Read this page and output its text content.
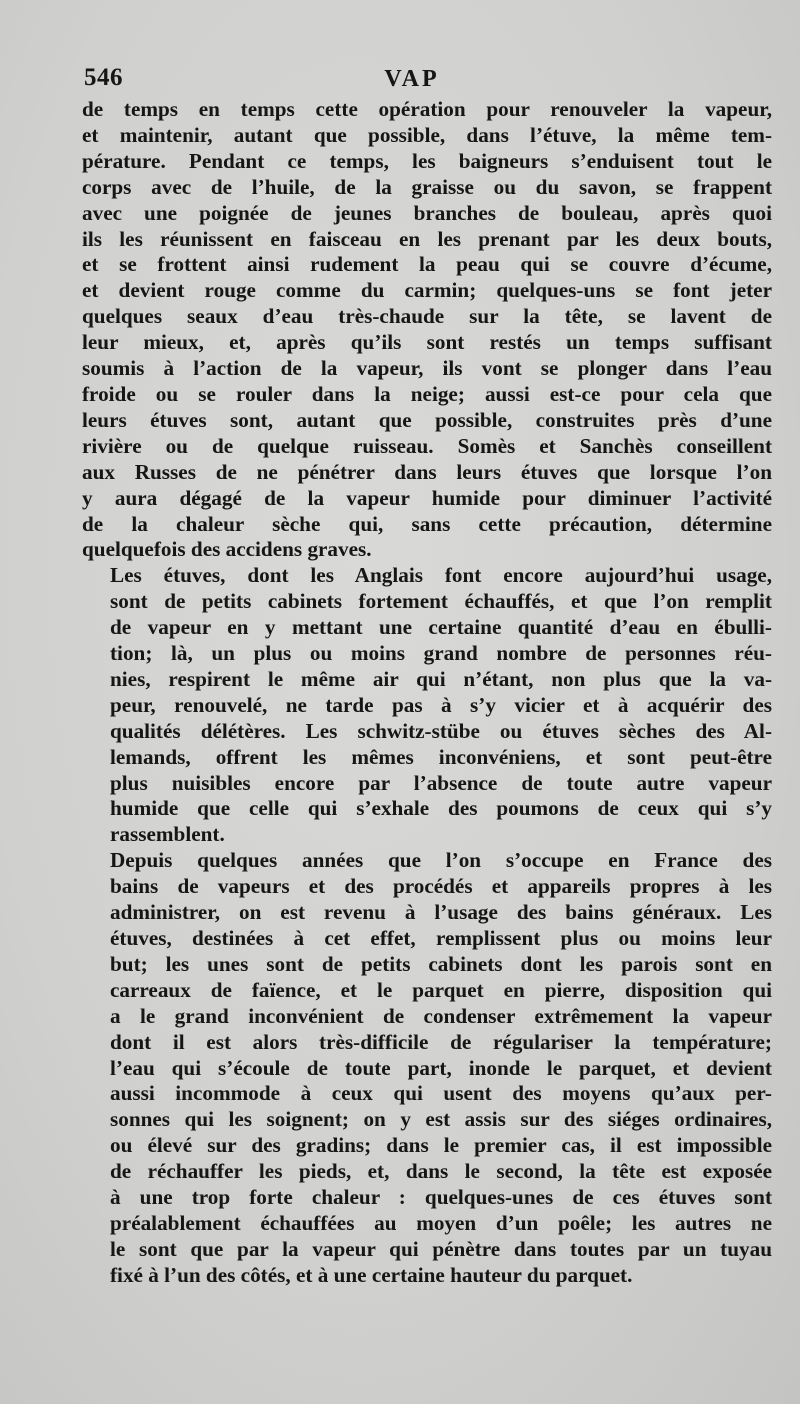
546	VAP

de temps en temps cette opération pour renouveler la vapeur,
et maintenir, autant que possible, dans l’étuve, la même tem-
pérature. Pendant ce temps, les baigneurs s’enduisent tout le
corps avec de l’huile, de la graisse ou du savon, se frappent
avec une poignée de jeunes branches de bouleau, après quoi
ils les réunissent en faisceau en les prenant par les deux bouts,
et se frottent ainsi rudement la peau qui se couvre d’écume,
et devient rouge comme du carmin; quelques-uns se font jeter
quelques seaux d’eau très-chaude sur la tête, se lavent de
leur mieux, et, après qu’ils sont restés un temps suffisant
soumis à l’action de la vapeur, ils vont se plonger dans l’eau
froide ou se rouler dans la neige; aussi est-ce pour cela que
leurs étuves sont, autant que possible, construites près d’une
rivière ou de quelque ruisseau. Somès et Sanchès conseillent
aux Russes de ne pénétrer dans leurs étuves que lorsque l’on
y aura dégagé de la vapeur humide pour diminuer l’activité
de la chaleur sèche qui, sans cette précaution, détermine
quelquefois des accidens graves.

Les étuves, dont les Anglais font encore aujourd’hui usage,
sont de petits cabinets fortement échauffés, et que l’on remplit
de vapeur en y mettant une certaine quantité d’eau en ébulli-
tion; là, un plus ou moins grand nombre de personnes réu-
nies, respirent le même air qui n’étant, non plus que la va-
peur, renouvelé, ne tarde pas à s’y vicier et à acquérir des
qualités délétères. Les schwitz-stübe ou étuves sèches des Al-
lemands, offrent les mêmes inconvéniens, et sont peut-être
plus nuisibles encore par l’absence de toute autre vapeur
humide que celle qui s’exhale des poumons de ceux qui s’y
rassemblent.

Depuis quelques années que l’on s’occupe en France des
bains de vapeurs et des procédés et appareils propres à les
administrer, on est revenu à l’usage des bains généraux. Les
étuves, destinées à cet effet, remplissent plus ou moins leur
but; les unes sont de petits cabinets dont les parois sont en
carreaux de faïence, et le parquet en pierre, disposition qui
a le grand inconvénient de condenser extrêmement la vapeur
dont il est alors très-difficile de régulariser la température;
l’eau qui s’écoule de toute part, inonde le parquet, et devient
aussi incommode à ceux qui usent des moyens qu’aux per-
sonnes qui les soignent; on y est assis sur des siéges ordinaires,
ou élevé sur des gradins; dans le premier cas, il est impossible
de réchauffer les pieds, et, dans le second, la tête est exposée
à une trop forte chaleur : quelques-unes de ces étuves sont
préalablement échauffées au moyen d’un poêle; les autres ne
le sont que par la vapeur qui pénètre dans toutes par un tuyau
fixé à l’un des côtés, et à une certaine hauteur du parquet.
